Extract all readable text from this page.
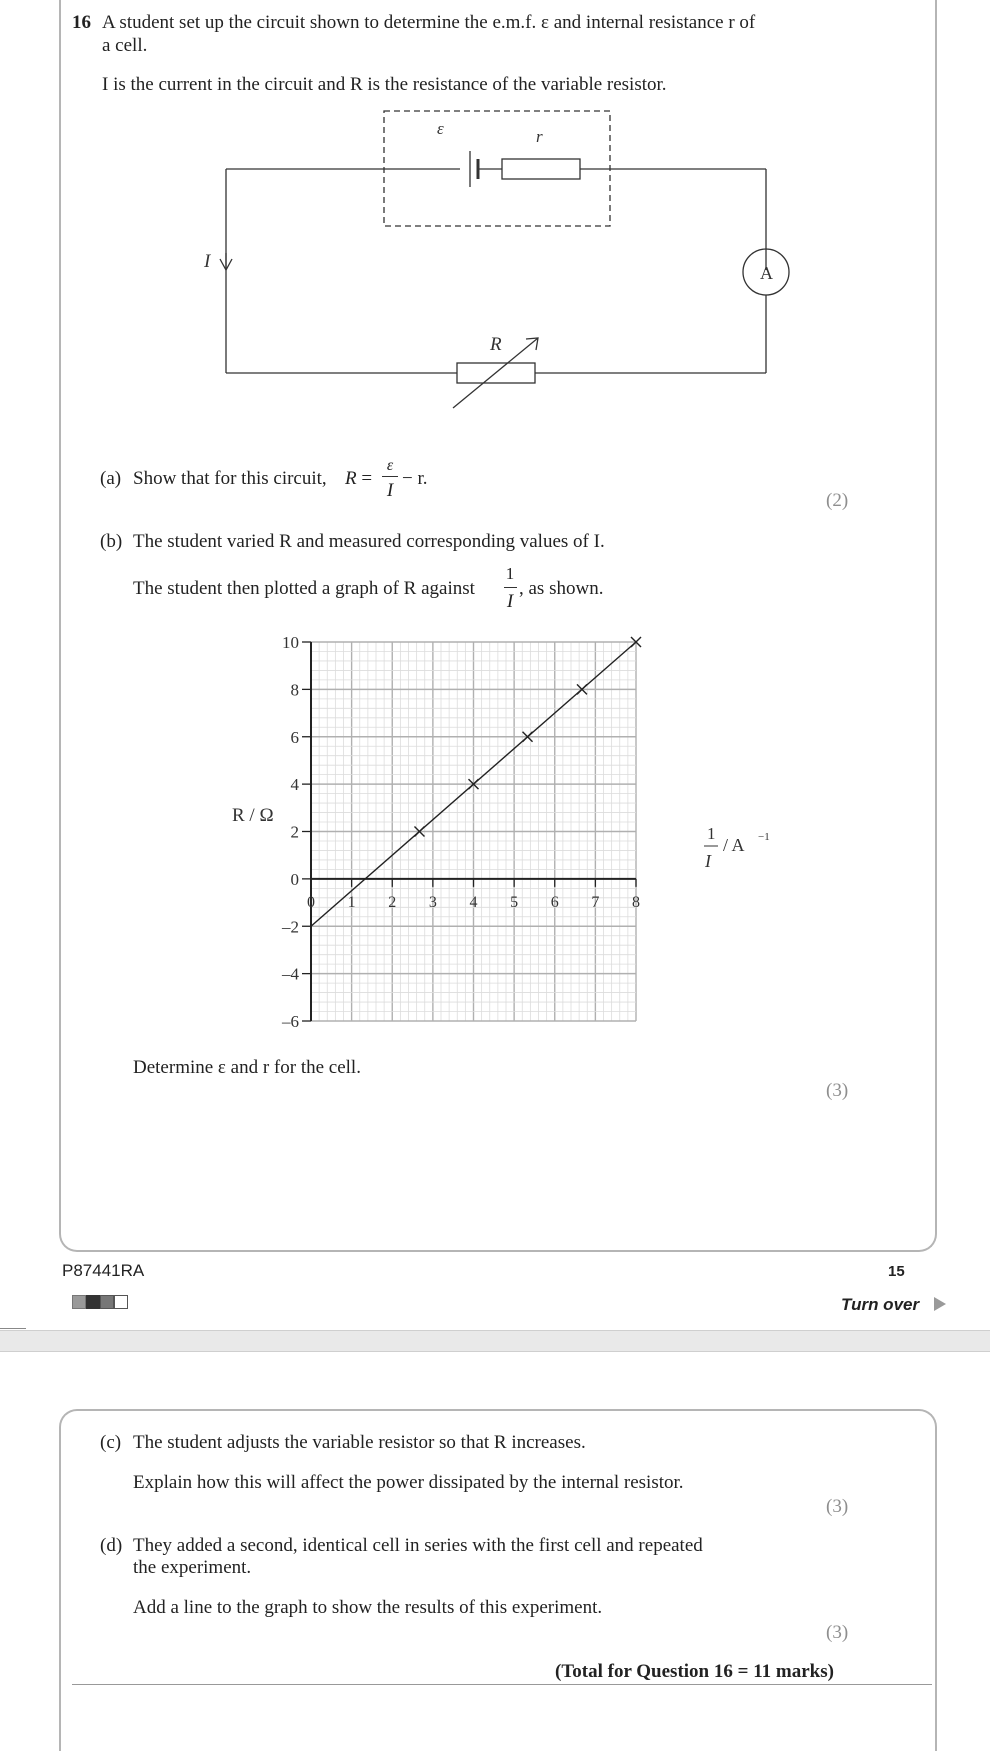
16 A student set up the circuit shown to determine the e.m.f. ε and internal resistance r of
a cell.
I is the current in the circuit and R is the resistance of the variable resistor.
ε	r
I
A
R
(a) Show that for this circuit, R =
ε
I
− r.
(2)
(b) The student varied R and measured corresponding values of I.
The student then plotted a graph of R against
1
I
, as shown.
10
8
6
4
2
0
–2
–4
–6
0 1 2 3 4 5 6 7 8
R / Ω
1
I
/ A −1
Determine ε and r for the cell.
(3)
P87441RA	15
Turn over
(c) The student adjusts the variable resistor so that R increases.
Explain how this will affect the power dissipated by the internal resistor.
(3)
(d) They added a second, identical cell in series with the first cell and repeated
the experiment.
Add a line to the graph to show the results of this experiment.
(3)
(Total for Question 16 = 11 marks)
